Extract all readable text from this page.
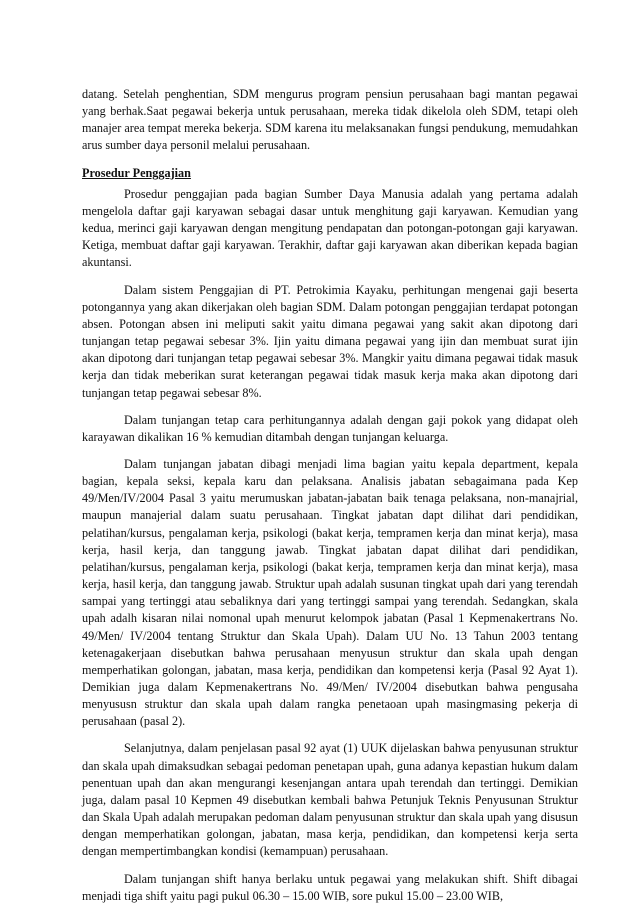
datang. Setelah penghentian, SDM mengurus program pensiun perusahaan bagi mantan pegawai yang berhak.Saat pegawai bekerja untuk perusahaan, mereka tidak dikelola oleh SDM, tetapi oleh manajer area tempat mereka bekerja. SDM karena itu melaksanakan fungsi pendukung, memudahkan arus sumber daya personil melalui perusahaan.

Prosedur Penggajian

Prosedur penggajian pada bagian Sumber Daya Manusia adalah yang pertama adalah mengelola daftar gaji karyawan sebagai dasar untuk menghitung gaji karyawan. Kemudian yang kedua, merinci gaji karyawan dengan mengitung pendapatan dan potongan-potongan gaji karyawan. Ketiga, membuat daftar gaji karyawan. Terakhir, daftar gaji karyawan akan diberikan kepada bagian akuntansi.

Dalam sistem Penggajian di PT. Petrokimia Kayaku, perhitungan mengenai gaji beserta potongannya yang akan dikerjakan oleh bagian SDM. Dalam potongan penggajian terdapat potongan absen. Potongan absen ini meliputi sakit yaitu dimana pegawai yang sakit akan dipotong dari tunjangan tetap pegawai sebesar 3%. Ijin yaitu dimana pegawai yang ijin dan membuat surat ijin akan dipotong dari tunjangan tetap pegawai sebesar 3%. Mangkir yaitu dimana pegawai tidak masuk kerja dan tidak meberikan surat keterangan pegawai tidak masuk kerja maka akan dipotong dari tunjangan tetap pegawai sebesar 8%.

Dalam tunjangan tetap cara perhitungannya adalah dengan gaji pokok yang didapat oleh karayawan dikalikan 16 % kemudian ditambah dengan tunjangan keluarga.

Dalam tunjangan jabatan dibagi menjadi lima bagian yaitu kepala department, kepala bagian, kepala seksi, kepala karu dan pelaksana. Analisis jabatan sebagaimana pada Kep 49/Men/IV/2004 Pasal 3 yaitu merumuskan jabatan-jabatan baik tenaga pelaksana, non-manajrial, maupun manajerial dalam suatu perusahaan. Tingkat jabatan dapt dilihat dari pendidikan, pelatihan/kursus, pengalaman kerja, psikologi (bakat kerja, tempramen kerja dan minat kerja), masa kerja, hasil kerja, dan tanggung jawab. Tingkat jabatan dapat dilihat dari pendidikan, pelatihan/kursus, pengalaman kerja, psikologi (bakat kerja, tempramen kerja dan minat kerja), masa kerja, hasil kerja, dan tanggung jawab. Struktur upah adalah susunan tingkat upah dari yang terendah sampai yang tertinggi atau sebaliknya dari yang tertinggi sampai yang terendah. Sedangkan, skala upah adalh kisaran nilai nomonal upah menurut kelompok jabatan (Pasal 1 Kepmenakertrans No. 49/Men/ IV/2004 tentang Struktur dan Skala Upah). Dalam UU No. 13 Tahun 2003 tentang ketenagakerjaan disebutkan bahwa perusahaan menyusun struktur dan skala upah dengan memperhatikan golongan, jabatan, masa kerja, pendidikan dan kompetensi kerja (Pasal 92 Ayat 1). Demikian juga dalam Kepmenakertrans No. 49/Men/ IV/2004 disebutkan bahwa pengusaha menyususn struktur dan skala upah dalam rangka penetaoan upah masingmasing pekerja di perusahaan (pasal 2).

Selanjutnya, dalam penjelasan pasal 92 ayat (1) UUK dijelaskan bahwa penyusunan struktur dan skala upah dimaksudkan sebagai pedoman penetapan upah, guna adanya kepastian hukum dalam penentuan upah dan akan mengurangi kesenjangan antara upah terendah dan tertinggi. Demikian juga, dalam pasal 10 Kepmen 49 disebutkan kembali bahwa Petunjuk Teknis Penyusunan Struktur dan Skala Upah adalah merupakan pedoman dalam penyusunan struktur dan skala upah yang disusun dengan memperhatikan golongan, jabatan, masa kerja, pendidikan, dan kompetensi kerja serta dengan mempertimbangkan kondisi (kemampuan) perusahaan.

Dalam tunjangan shift hanya berlaku untuk pegawai yang melakukan shift. Shift dibagai menjadi tiga shift yaitu pagi pukul 06.30 – 15.00 WIB, sore pukul 15.00 – 23.00 WIB,
